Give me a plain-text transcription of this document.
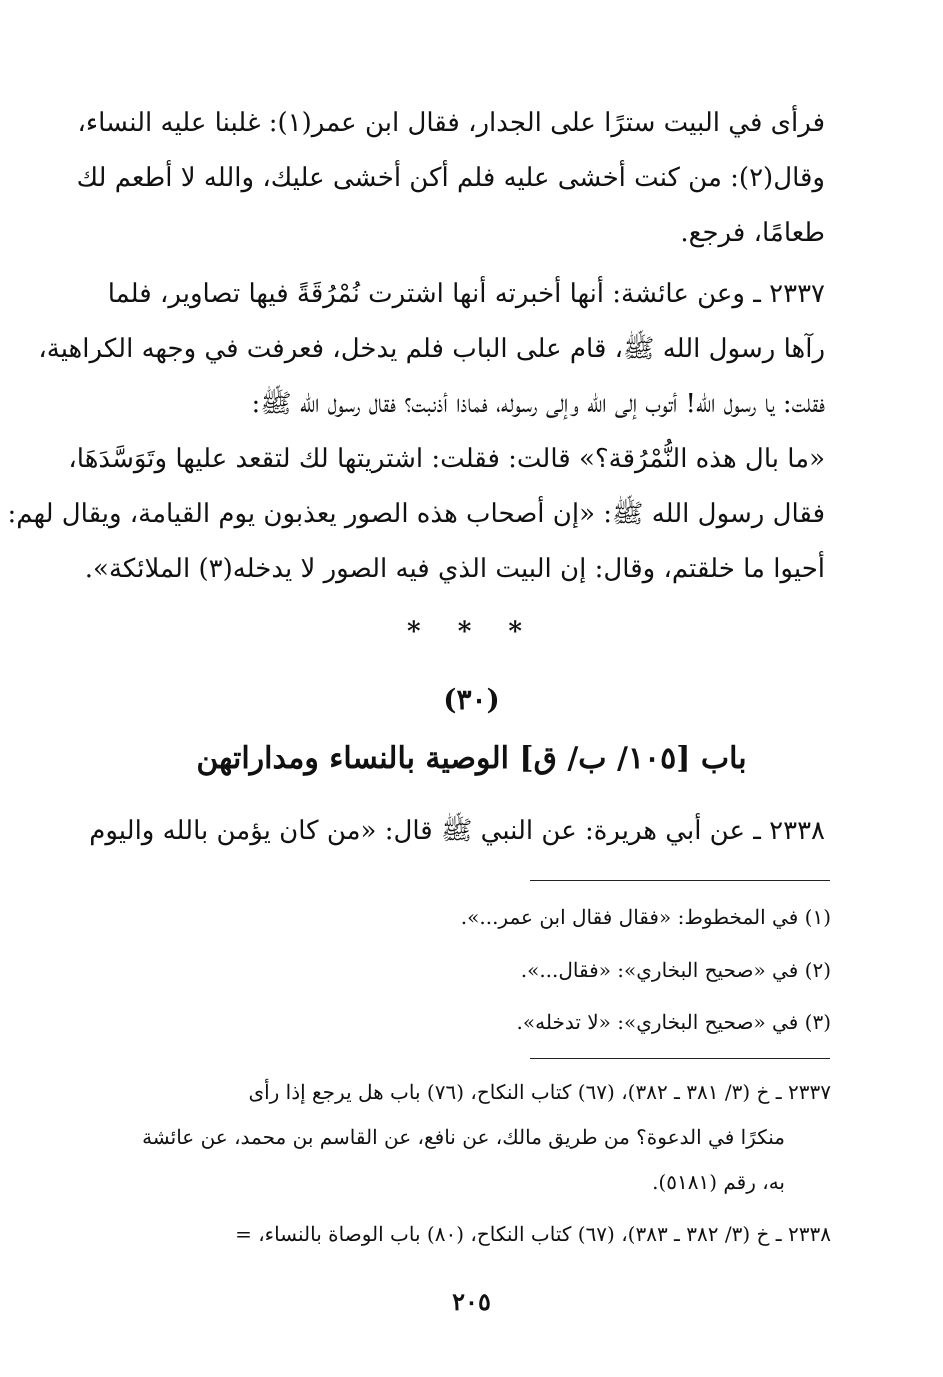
فرأى في البيت سترًا على الجدار، فقال ابن عمر(١): غلبنا عليه النساء،
وقال(٢): من كنت أخشى عليه فلم أكن أخشى عليك، والله لا أطعم لك
طعامًا، فرجع.
٢٣٣٧ ـ وعن عائشة: أنها أخبرته أنها اشترت نُمْرُقَةً فيها تصاوير، فلما
رآها رسول الله ﷺ، قام على الباب فلم يدخل، فعرفت في وجهه الكراهية،
فقلت: يا رسول الله! أتوب إلى الله وإلى رسوله، فماذا أذنبت؟ فقال رسول الله ﷺ:
«ما بال هذه النُّمْرُقة؟» قالت: فقلت: اشتريتها لك لتقعد عليها وتَوَسَّدَهَا،
فقال رسول الله ﷺ: «إن أصحاب هذه الصور يعذبون يوم القيامة، ويقال لهم:
أحيوا ما خلقتم، وقال: إن البيت الذي فيه الصور لا يدخله(٣) الملائكة».
* * *
(٣٠)
باب [١٠٥/ ب/ ق] الوصية بالنساء ومداراتهن
٢٣٣٨ ـ عن أبي هريرة: عن النبي ﷺ قال: «من كان يؤمن بالله واليوم
(١) في المخطوط: «فقال فقال ابن عمر...».
(٢) في «صحيح البخاري»: «فقال...».
(٣) في «صحيح البخاري»: «لا تدخله».
٢٣٣٧ ـ خ (٣/ ٣٨١ ـ ٣٨٢)، (٦٧) كتاب النكاح، (٧٦) باب هل يرجع إذا رأى
منكرًا في الدعوة؟ من طريق مالك، عن نافع، عن القاسم بن محمد، عن عائشة
به، رقم (٥١٨١).
٢٣٣٨ ـ خ (٣/ ٣٨٢ ـ ٣٨٣)، (٦٧) كتاب النكاح، (٨٠) باب الوصاة بالنساء، =
٢٠٥
